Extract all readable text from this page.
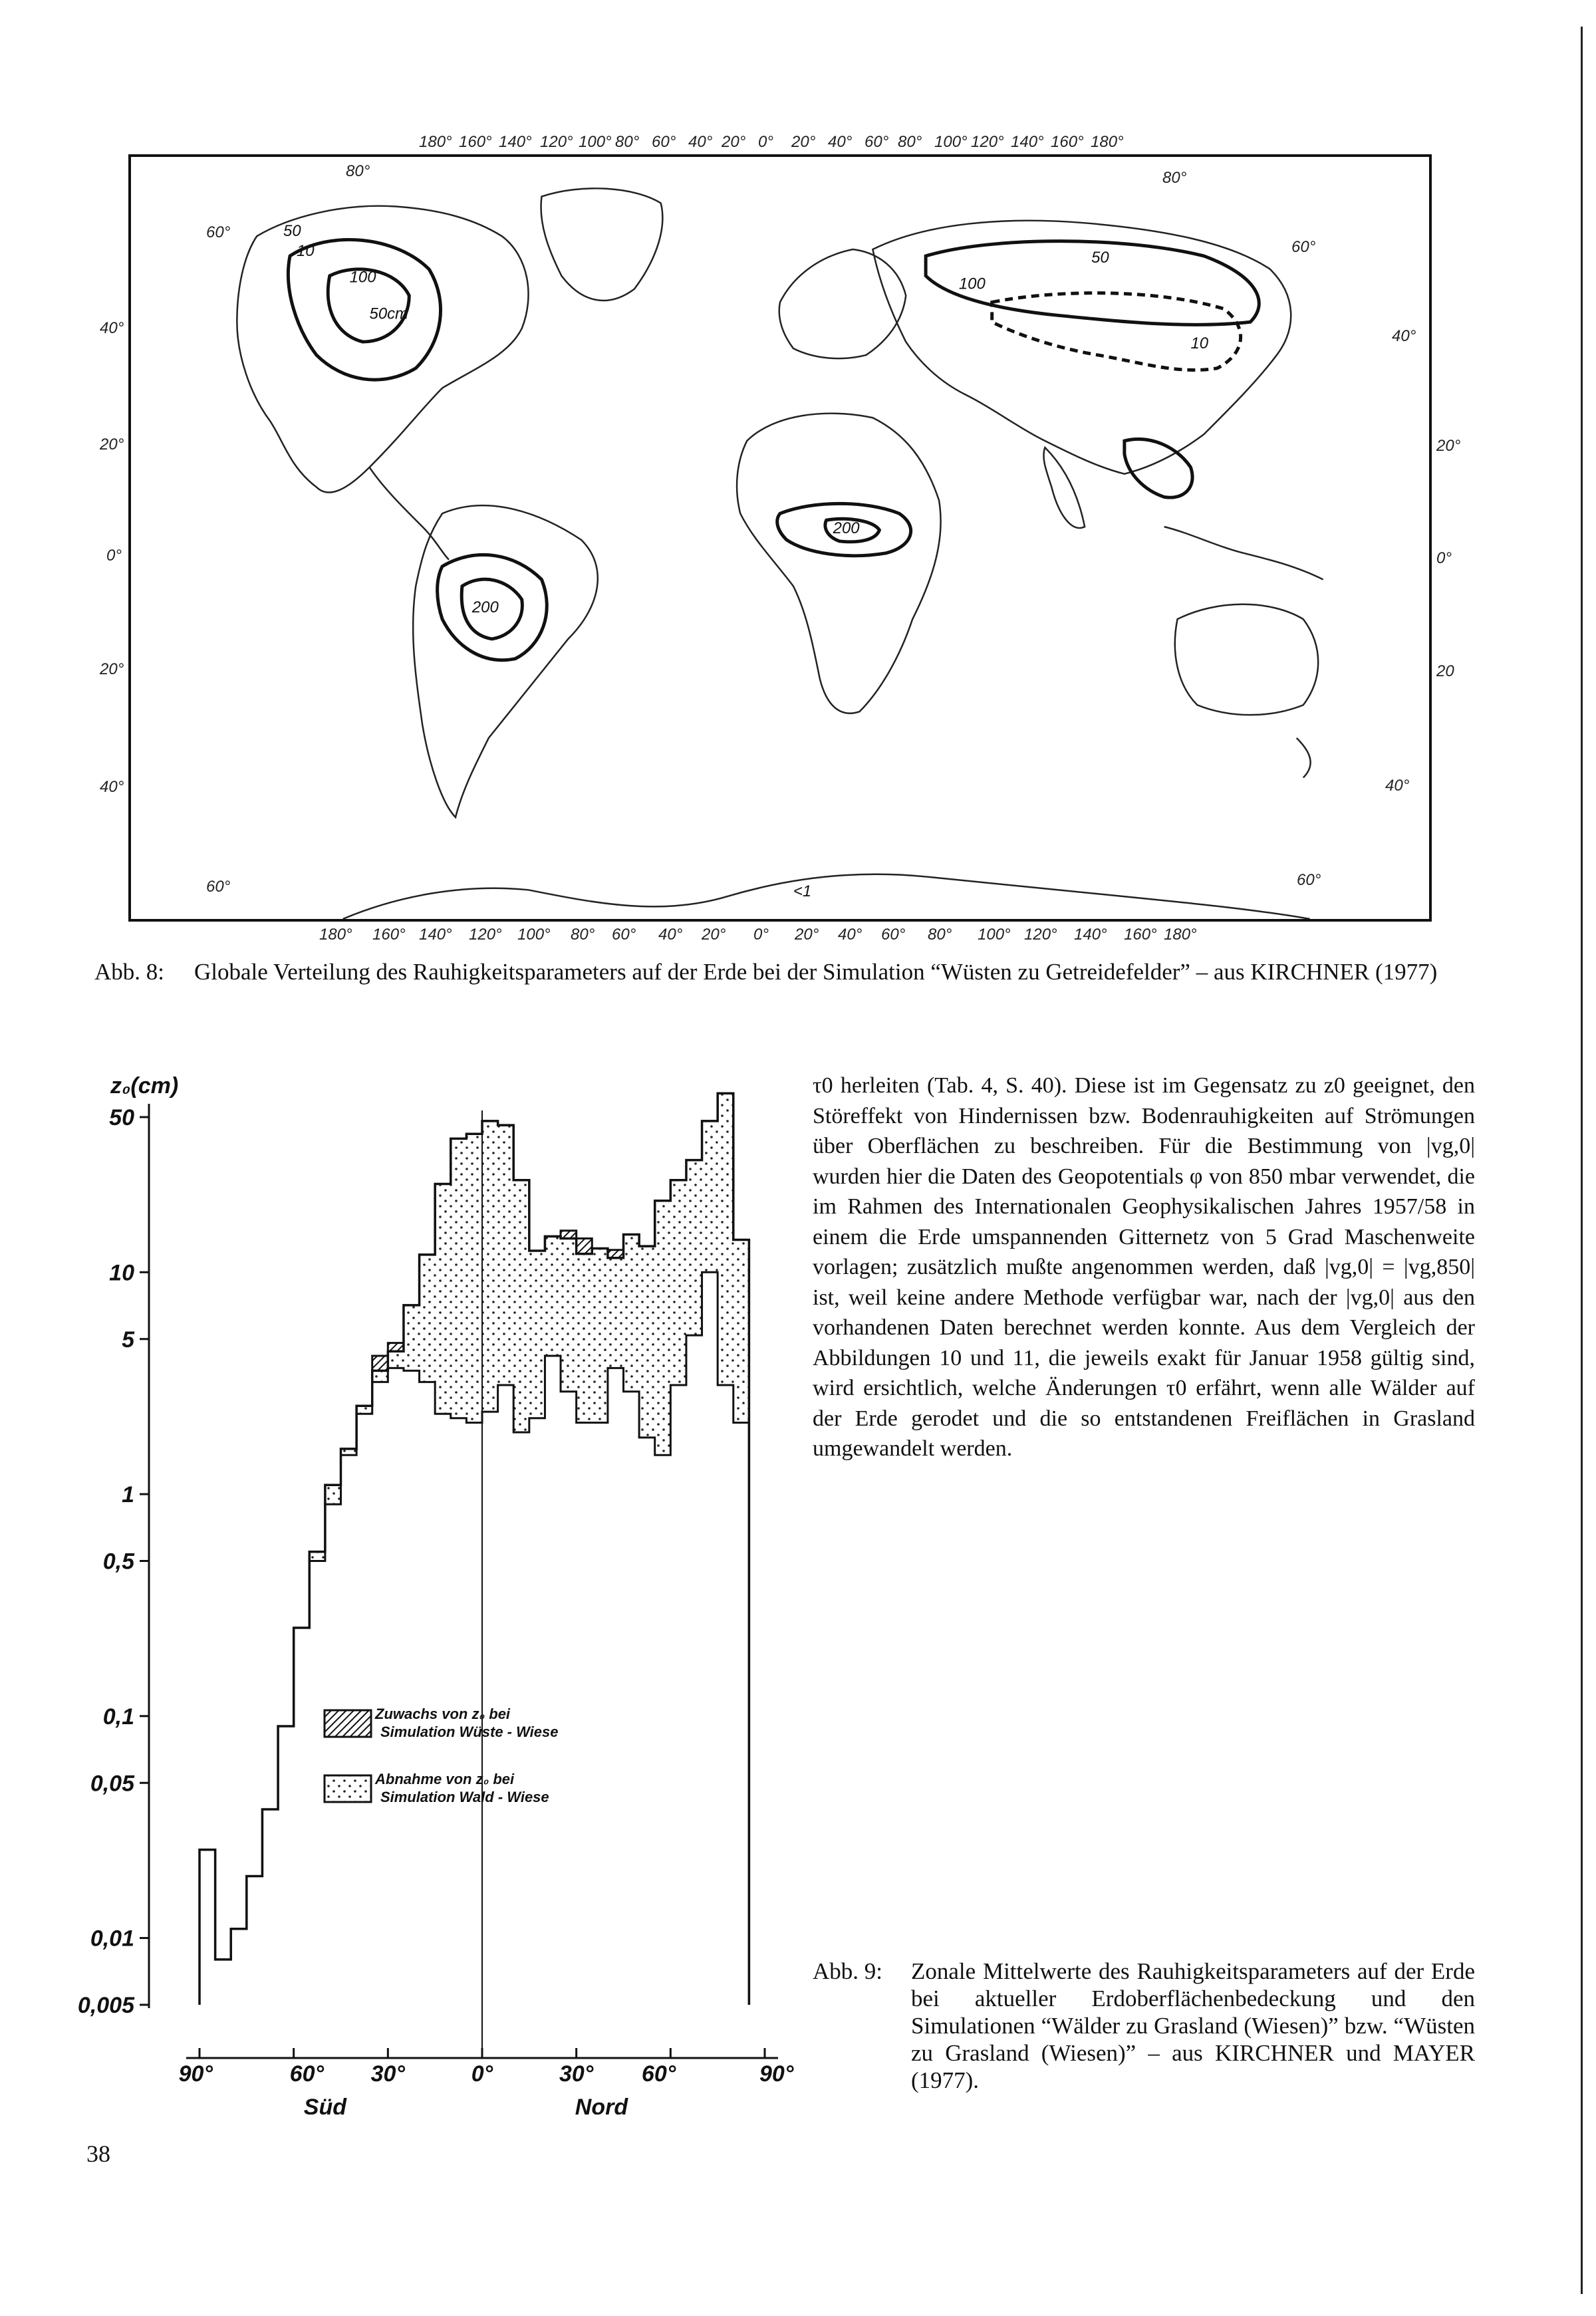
10
50
100
50cm
200
200
100
50
10
<1
180° 160° 140° 120° 100° 80° 60° 40° 20° 0° 20° 40° 60° 80° 100° 120° 140° 160° 180°
180° 160° 140° 120° 100° 80° 60° 40° 20° 0° 20° 40° 60° 80° 100° 120° 140° 160° 180°
80°
60°
40°
20°
0°
20°
40°
60°
80°
60°
40°
20°
0°
20
40°
60°
Abb. 8: Globale Verteilung des Rauhigkeitsparameters auf der Erde bei der Simulation “Wüsten zu Getreidefelder” – aus KIRCHNER (1977)
z₀(cm)
50
10
5
1
0,5
0,1
0,05
0,01
0,005
90°	60° 30°	0°	30° 60°	90°
Süd	Nord
Zuwachs von z₀ bei
Simulation Wüste - Wiese
Abnahme von z₀ bei
Simulation Wald - Wiese

τ0 herleiten (Tab. 4, S. 40). Diese ist im Gegensatz zu z0 geeignet, den Störeffekt von Hindernissen bzw. Bodenrauhigkeiten auf Strömungen über Oberflächen zu beschreiben. Für die Bestimmung von |vg,0| wurden hier die Daten des Geopotentials φ von 850 mbar verwendet, die im Rahmen des Internationalen Geophysikalischen Jahres 1957/58 in einem die Erde umspannenden Gitternetz von 5 Grad Maschenweite vorlagen; zusätzlich mußte angenommen werden, daß |vg,0| = |vg,850| ist, weil keine andere Methode verfügbar war, nach der |vg,0| aus den vorhandenen Daten berechnet werden konnte. Aus dem Vergleich der Abbildungen 10 und 11, die jeweils exakt für Januar 1958 gültig sind, wird ersichtlich, welche Änderungen τ0 erfährt, wenn alle Wälder auf der Erde gerodet und die so entstandenen Freiflächen in Grasland umgewandelt werden.

Abb. 9: Zonale Mittelwerte des Rauhigkeitsparameters auf der Erde bei aktueller Erdoberflächenbedeckung und den Simulationen “Wälder zu Grasland (Wiesen)” bzw. “Wüsten zu Grasland (Wiesen)” – aus KIRCHNER und MAYER (1977).
38
